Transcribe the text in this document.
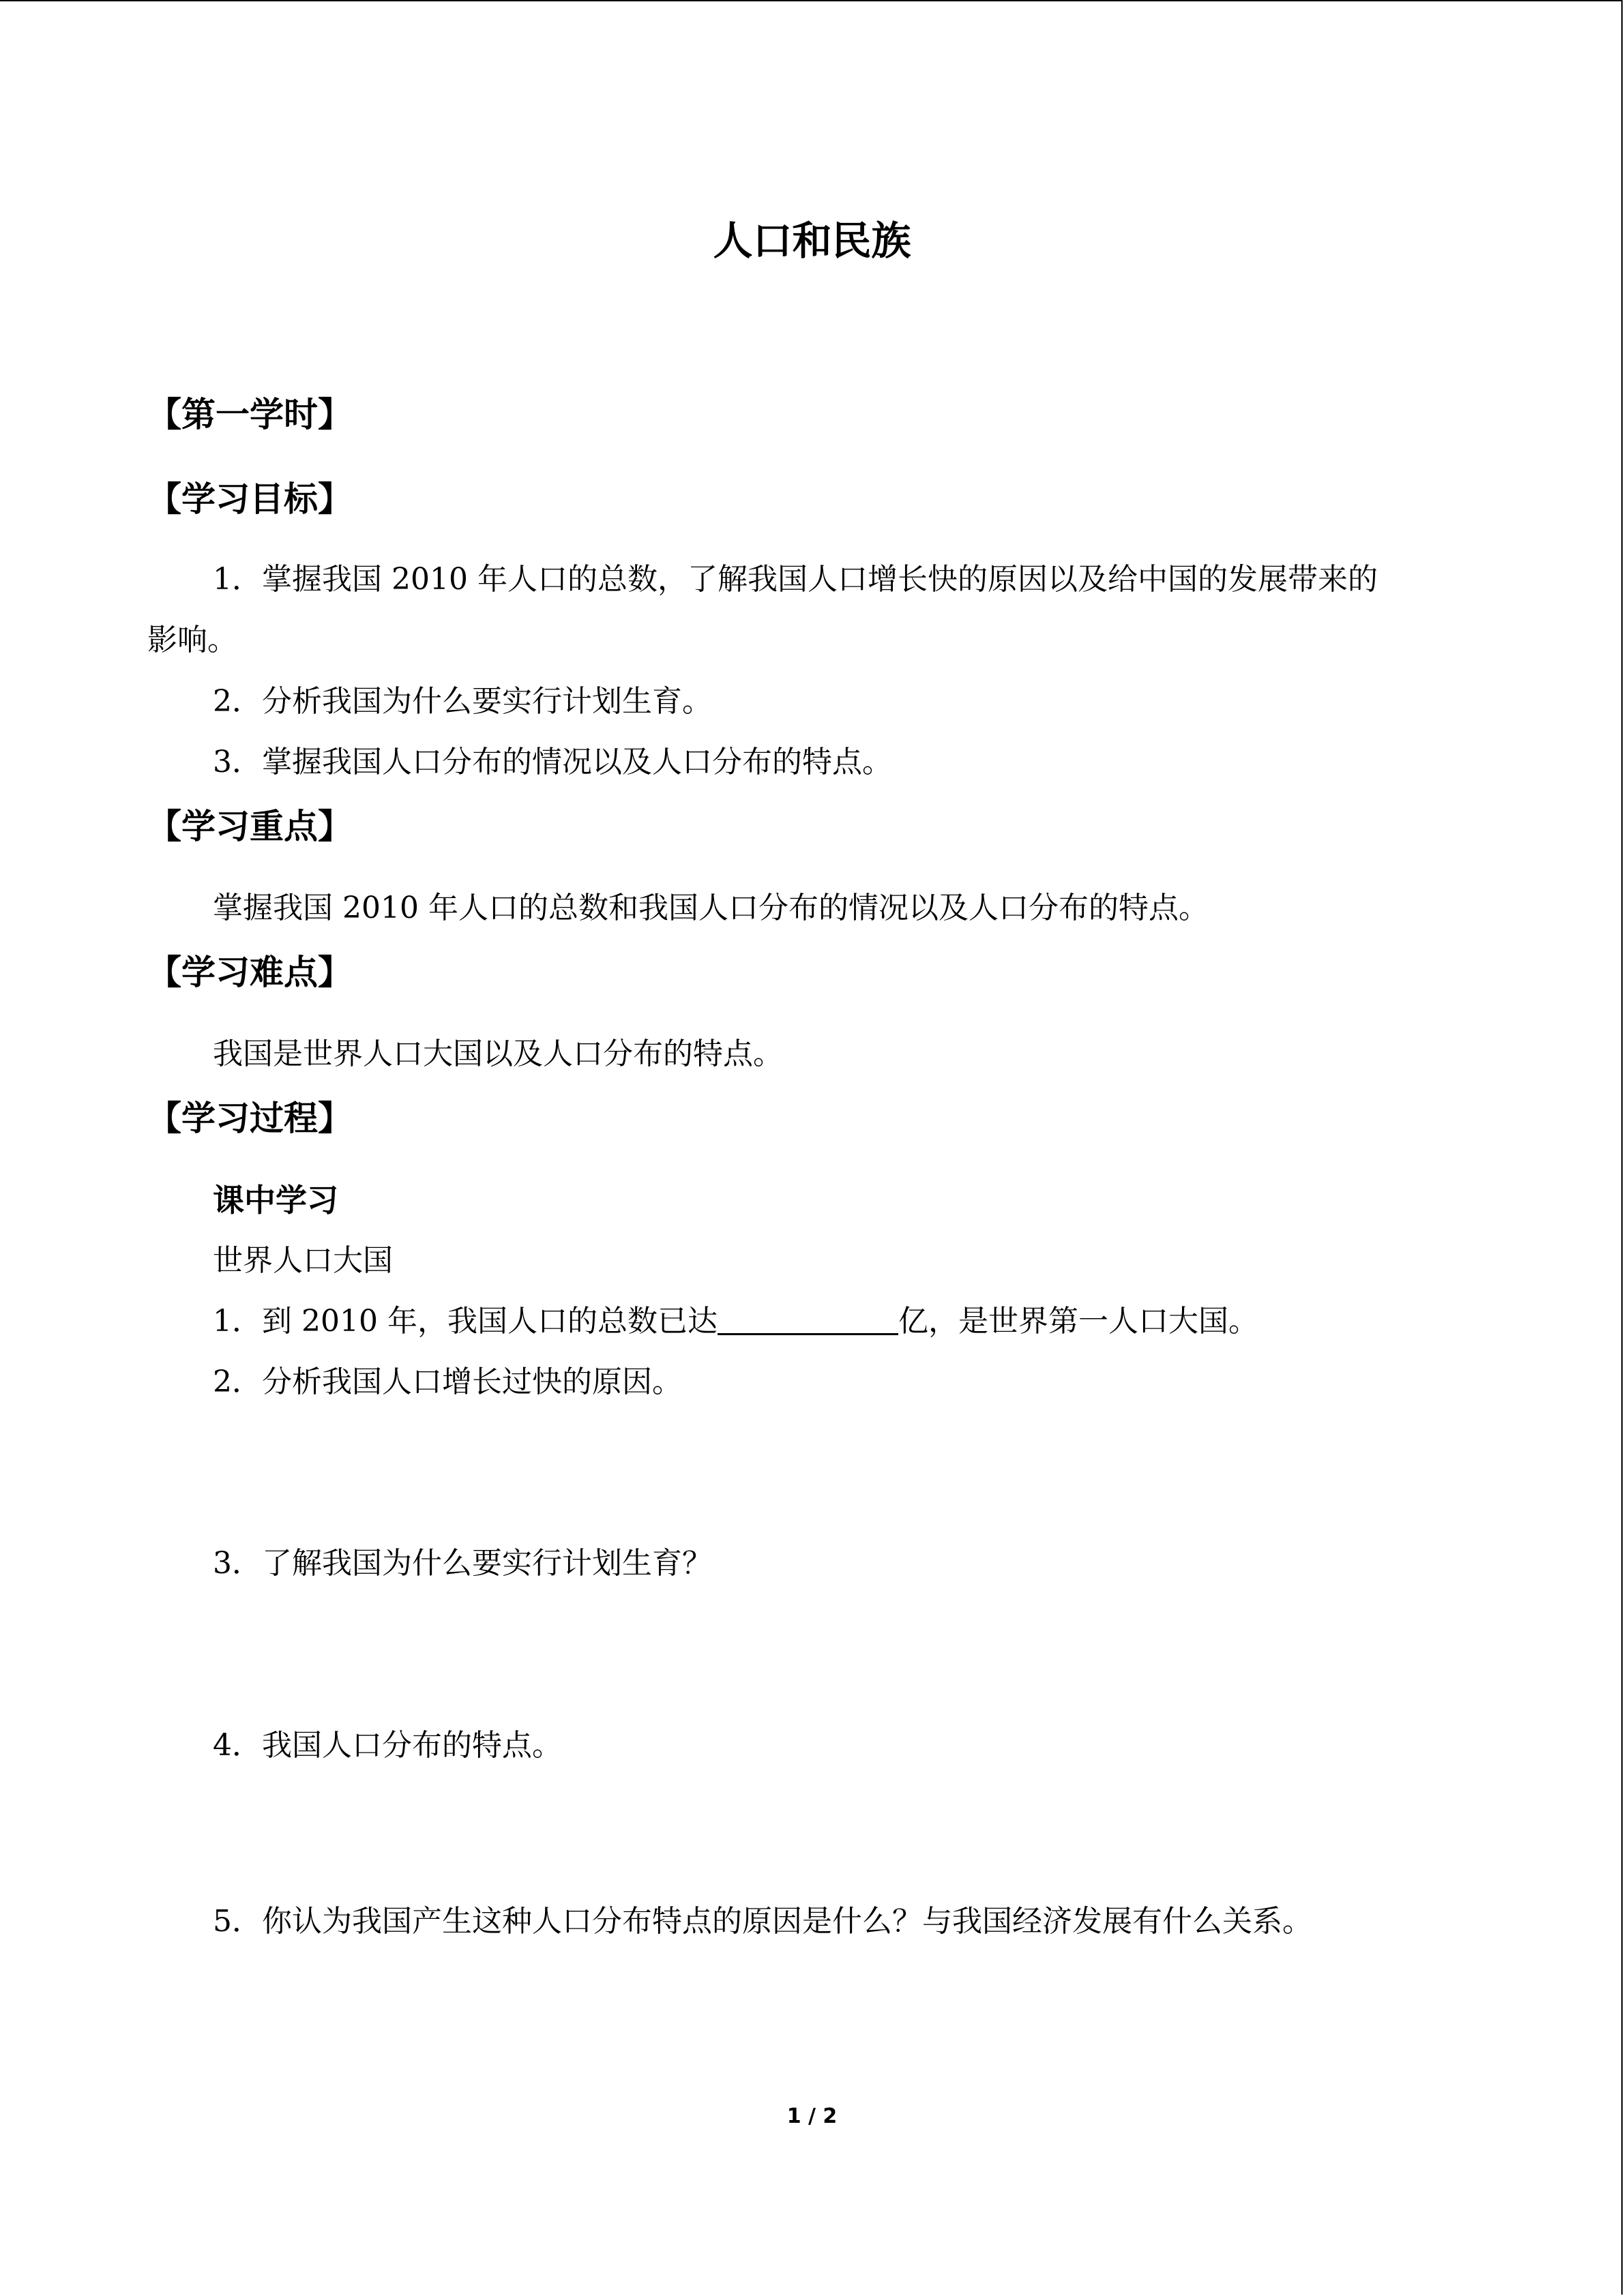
人口和民族
【第一学时】
【学习目标】
1．掌握我国 2010 年人口的总数，了解我国人口增长快的原因以及给中国的发展带来的
影响。
2．分析我国为什么要实行计划生育。
3．掌握我国人口分布的情况以及人口分布的特点。
【学习重点】
掌握我国 2010 年人口的总数和我国人口分布的情况以及人口分布的特点。
【学习难点】
我国是世界人口大国以及人口分布的特点。
【学习过程】
课中学习
世界人口大国
1．到 2010 年，我国人口的总数已达	亿，是世界第一人口大国。
2．分析我国人口增长过快的原因。
3．了解我国为什么要实行计划生育？
4．我国人口分布的特点。
5．你认为我国产生这种人口分布特点的原因是什么？与我国经济发展有什么关系。
1 / 2
